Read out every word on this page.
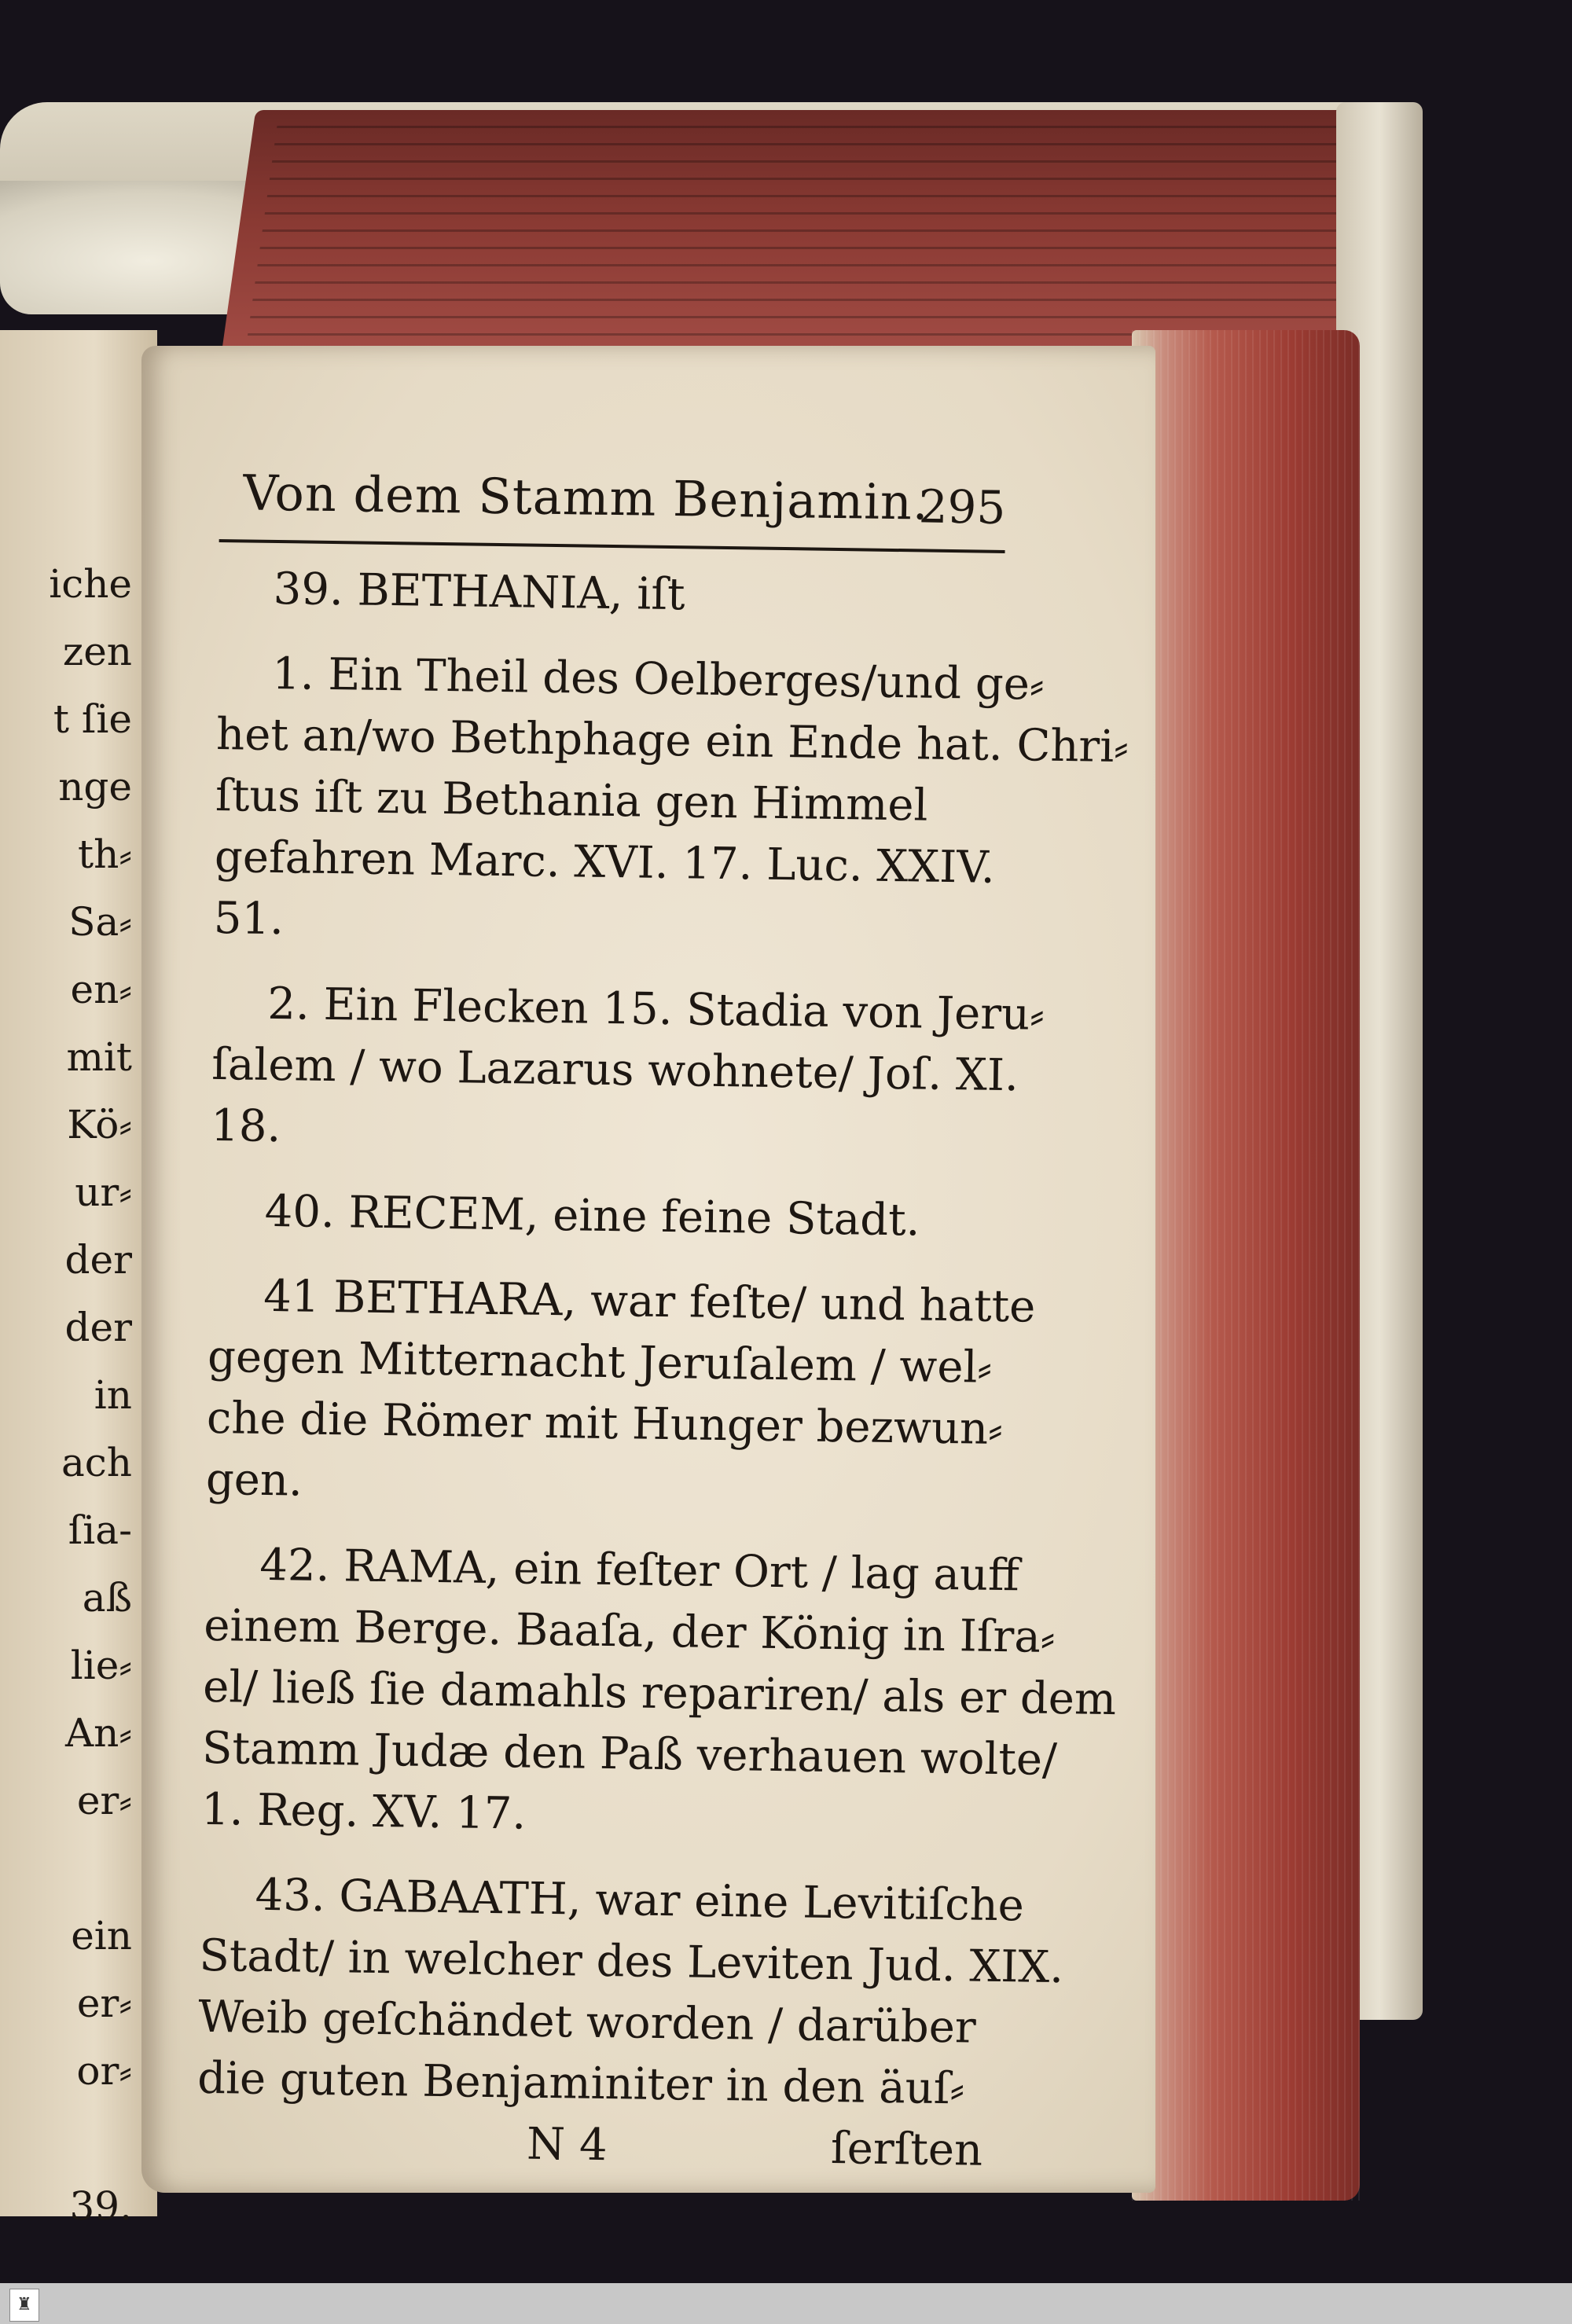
iche
zen
t ſie
nge
th⸗
Sa⸗
en⸗
mit
Kö⸗
ur⸗
der
der
in
ach
ſia-
aß
lie⸗
An⸗
er⸗

ein
er⸗
or⸗

39.
Von dem Stamm Benjamin.
295
39. BETHANIA, iſt
1. Ein Theil des Oelberges/und ge⸗
het an/wo Bethphage ein Ende hat. Chri⸗
ſtus iſt zu Bethania gen Himmel
gefahren Marc. XVI. 17. Luc. XXIV.
51.
2. Ein Flecken 15. Stadia von Jeru⸗
ſalem / wo Lazarus wohnete/ Joſ. XI.
18.
40. RECEM, eine feine Stadt.
41 BETHARA, war feſte/ und hatte
gegen Mitternacht Jeruſalem / wel⸗
che die Römer mit Hunger bezwun⸗
gen.
42. RAMA, ein feſter Ort / lag auff
einem Berge. Baaſa, der König in Iſra⸗
el/ ließ ſie damahls repariren/ als er dem
Stamm Judæ den Paß verhauen wolte/
1. Reg. XV. 17.
43. GABAATH, war eine Levitiſche
Stadt/ in welcher des Leviten Jud. XIX.
Weib geſchändet worden / darüber
die guten Benjaminiter in den äuſ⸗
N 4	ſerſten
♜
